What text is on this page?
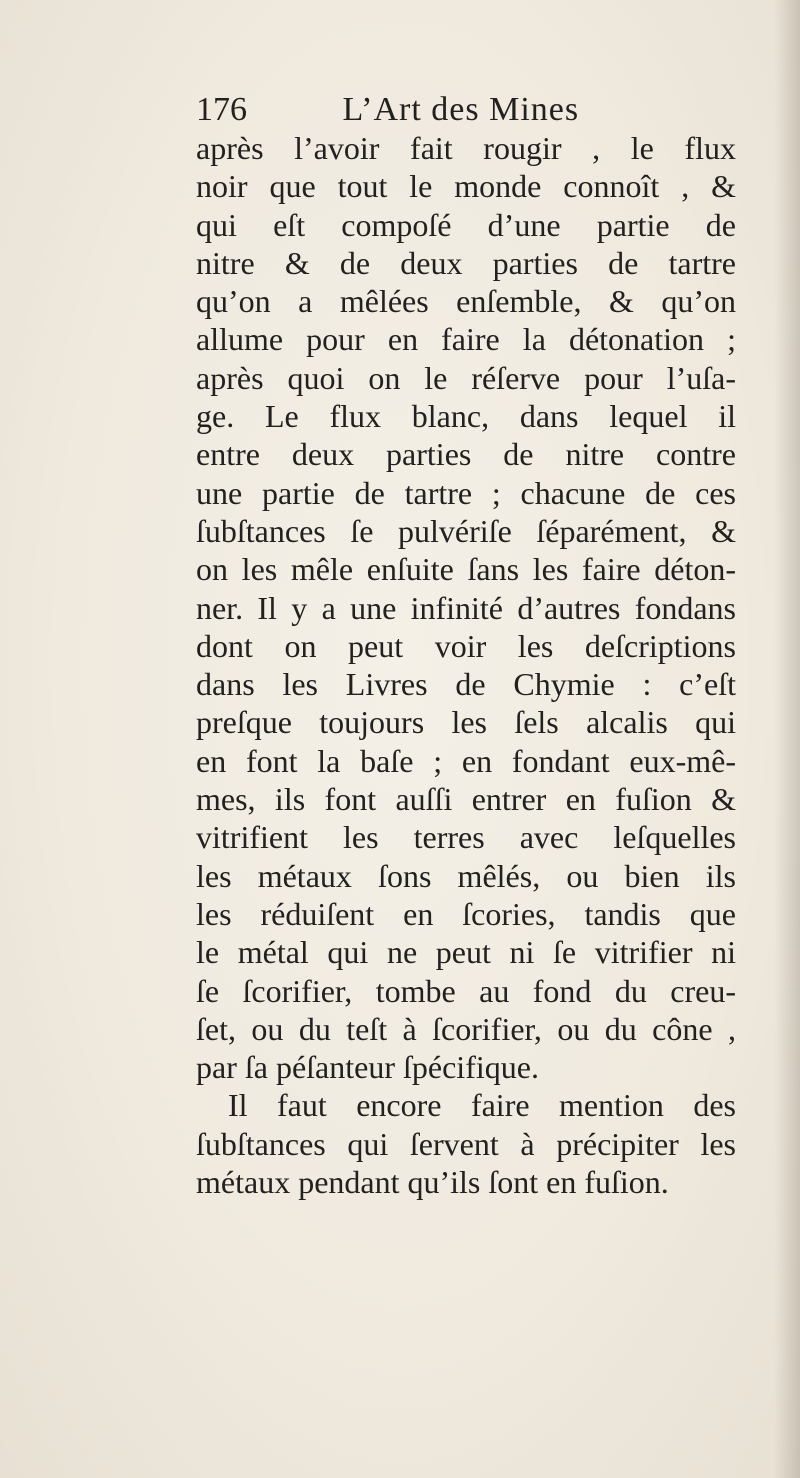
176	L’Art des Mines
après l’avoir fait rougir , le flux
noir que tout le monde connoît , &
qui eſt compoſé d’une partie de
nitre & de deux parties de tartre
qu’on a mêlées enſemble, & qu’on
allume pour en faire la détonation ;
après quoi on le réſerve pour l’uſa-
ge. Le flux blanc, dans lequel il
entre deux parties de nitre contre
une partie de tartre ; chacune de ces
ſubſtances ſe pulvériſe ſéparément, &
on les mêle enſuite ſans les faire déton-
ner. Il y a une infinité d’autres fondans
dont on peut voir les deſcriptions
dans les Livres de Chymie : c’eſt
preſque toujours les ſels alcalis qui
en font la baſe ; en fondant eux-mê-
mes, ils font auſſi entrer en fuſion &
vitrifient les terres avec leſquelles
les métaux ſons mêlés, ou bien ils
les réduiſent en ſcories, tandis que
le métal qui ne peut ni ſe vitrifier ni
ſe ſcorifier, tombe au fond du creu-
ſet, ou du teſt à ſcorifier, ou du cône ,
par ſa péſanteur ſpécifique.
Il faut encore faire mention des
ſubſtances qui ſervent à précipiter les
métaux pendant qu’ils ſont en fuſion.
